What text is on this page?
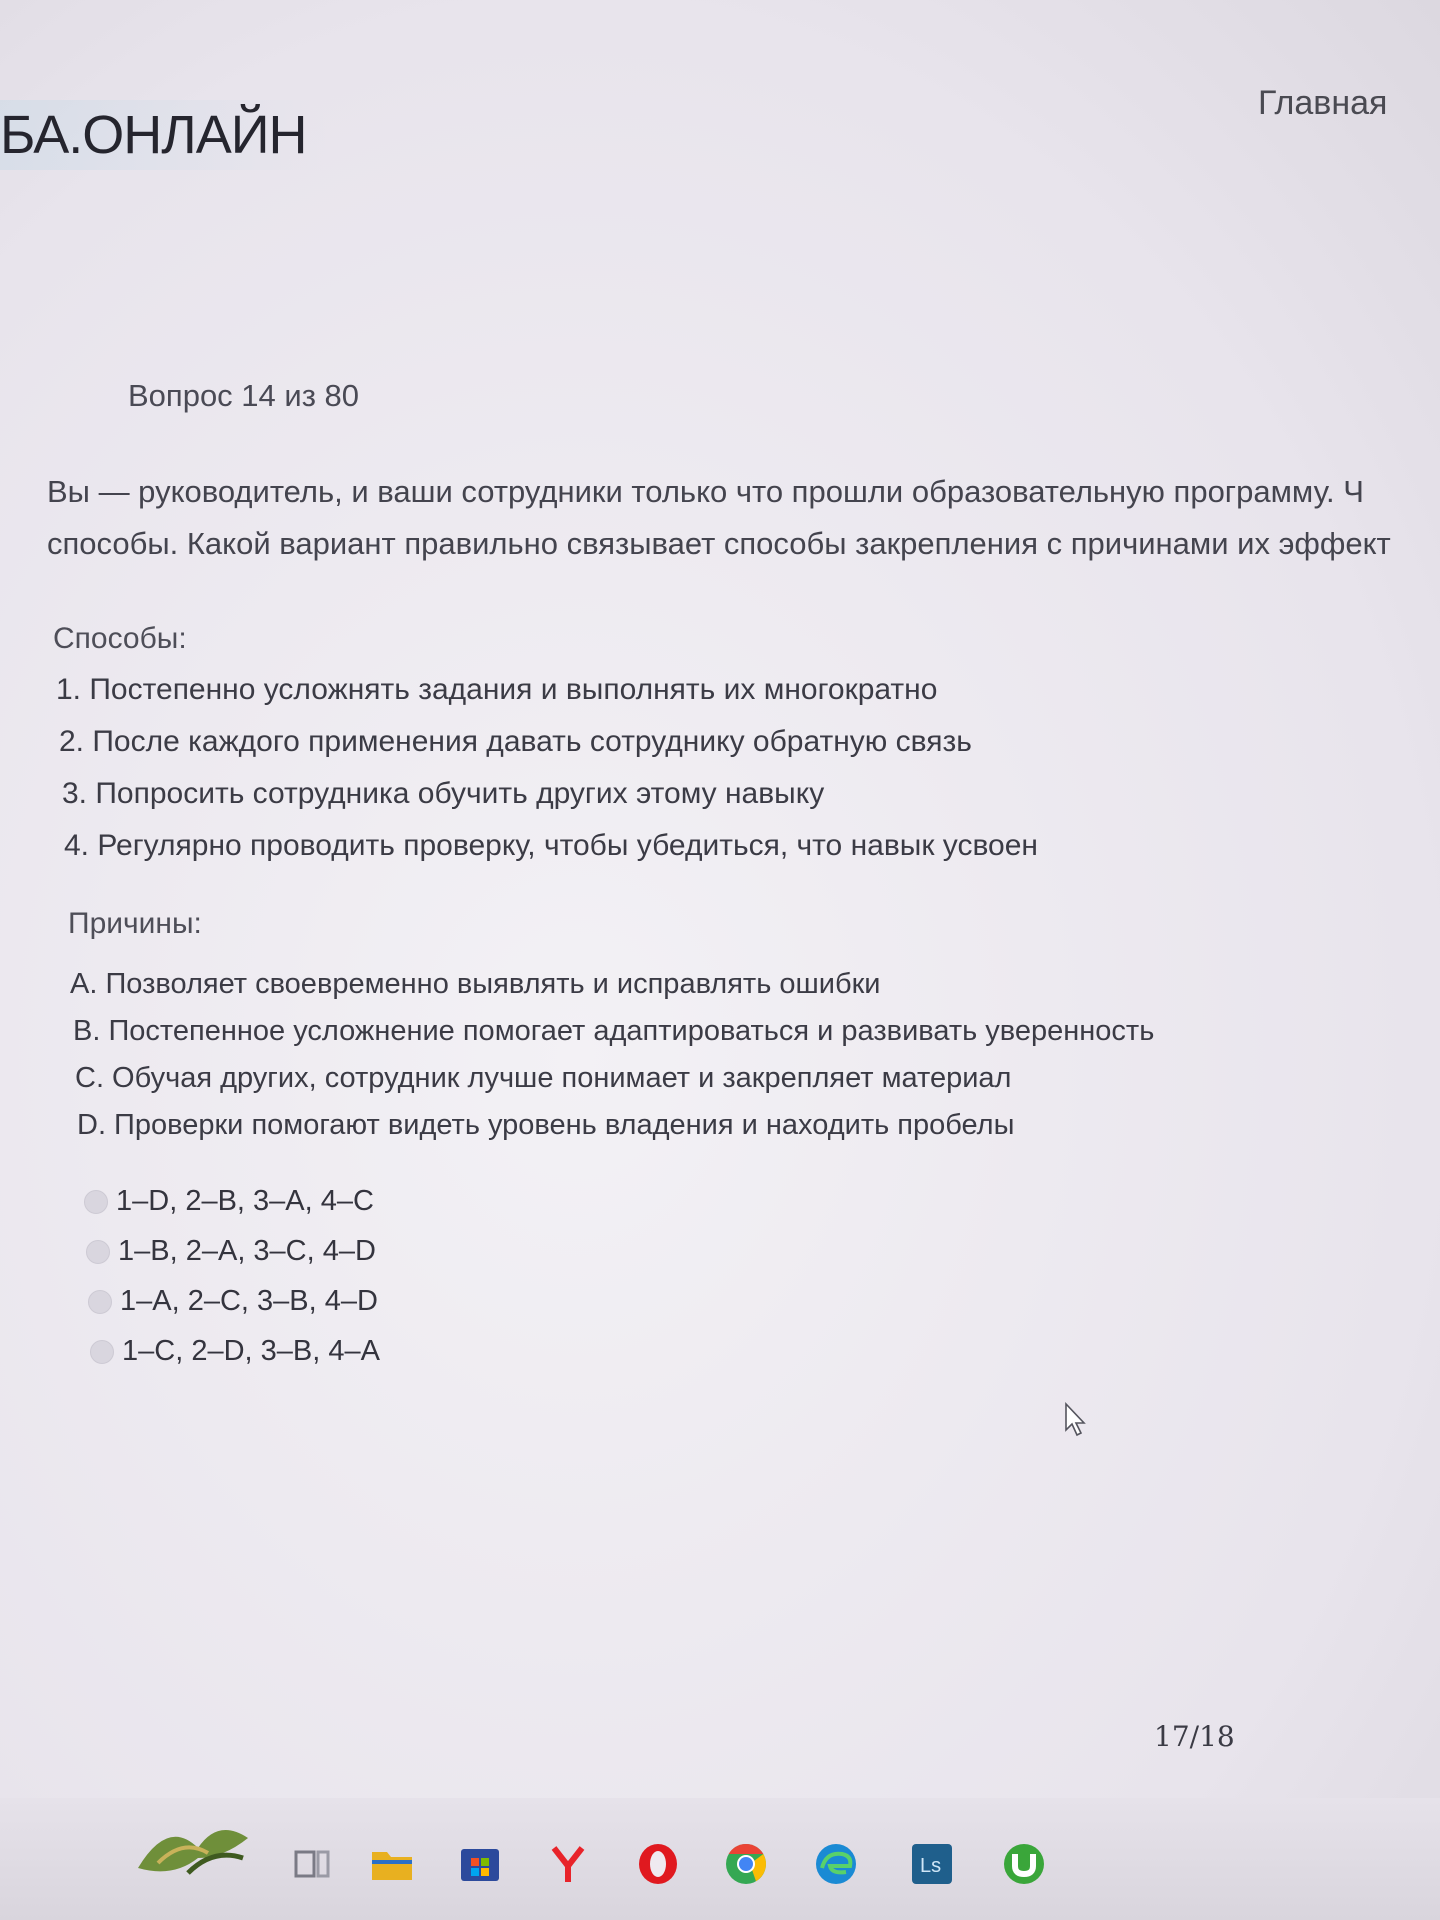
БА.ОНЛАЙН
Главная
Вопрос 14 из 80
Вы — руководитель, и ваши сотрудники только что прошли образовательную программу. Ч
способы. Какой вариант правильно связывает способы закрепления с причинами их эффект
Способы:
1. Постепенно усложнять задания и выполнять их многократно
2. После каждого применения давать сотруднику обратную связь
3. Попросить сотрудника обучить других этому навыку
4. Регулярно проводить проверку, чтобы убедиться, что навык усвоен
Причины:
A. Позволяет своевременно выявлять и исправлять ошибки
B. Постепенное усложнение помогает адаптироваться и развивать уверенность
C. Обучая других, сотрудник лучше понимает и закрепляет материал
D. Проверки помогают видеть уровень владения и находить пробелы
1–D, 2–B, 3–A, 4–C
1–B, 2–A, 3–C, 4–D
1–A, 2–C, 3–B, 4–D
1–C, 2–D, 3–B, 4–A
17/18
Ls
